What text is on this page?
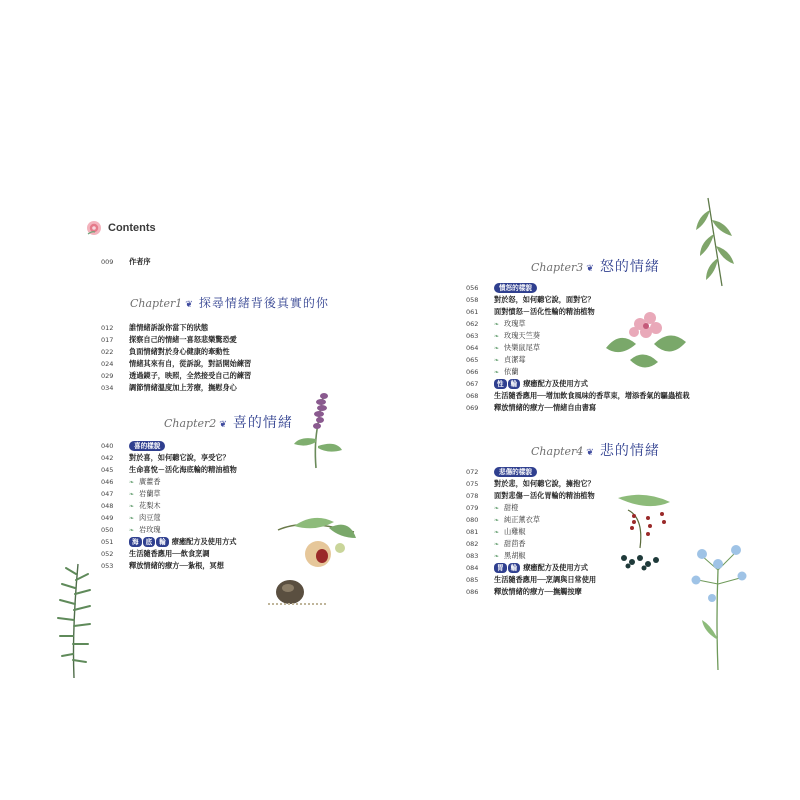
Contents
009	作者序
Chapter 1 ❦ 探尋情緒背後真實的你
012	誰情緒訴說你當下的狀態
017	探察自己的情緒一喜怒悲樂驚恐愛
022	負面情緒對於身心健康的牽動性
024	情緒其來有自，從訴說，對話開始練習
029	透過鏡子，映照，全然接受自己的練習
034	調節情緒溫度加上芳療，撫慰身心
Chapter 2 ❦ 喜的情緒
040	喜的樣貌
042	對於喜，如何聽它說，享受它？
045	生命喜悅－活化海底輪的精油植物
046	❧ 廣藿香
047	❧ 岩蘭草
048	❧ 花梨木
049	❧ 肉豆蔻
050	❧ 岩玫瑰
051	海	底	輪 療癒配方及使用方式
052	生活隨香應用──飲食烹調
053	釋放情緒的療方──紮根，冥想
Chapter 3 ❦ 怒的情緒
056	憤怒的樣貌
058	對於怒，如何聽它說，面對它？
061	面對憤怒－活化性輪的精油植物
062	❧ 玫瑰草
063	❧ 玫瑰天竺葵
064	❧ 快樂鼠尾草
065	❧ 貞潔莓
066	❧ 依蘭
067	性	輪 療癒配方及使用方式
068	生活隨香應用──增加飲食風味的香草束，增添香氣的驅蟲植栽
069	釋放情緒的療方──情緒自由書寫
Chapter 4 ❦ 悲的情緒
072	悲傷的樣貌
075	對於悲，如何聽它說，擁抱它？
078	面對悲傷－活化胃輪的精油植物
079	❧ 甜橙
080	❧ 純正薰衣草
081	❧ 山雞椒
082	❧ 甜茴香
083	❧ 黑胡椒
084	胃	輪 療癒配方及使用方式
085	生活隨香應用──烹調與日常使用
086	釋放情緒的療方──撫觸按摩
